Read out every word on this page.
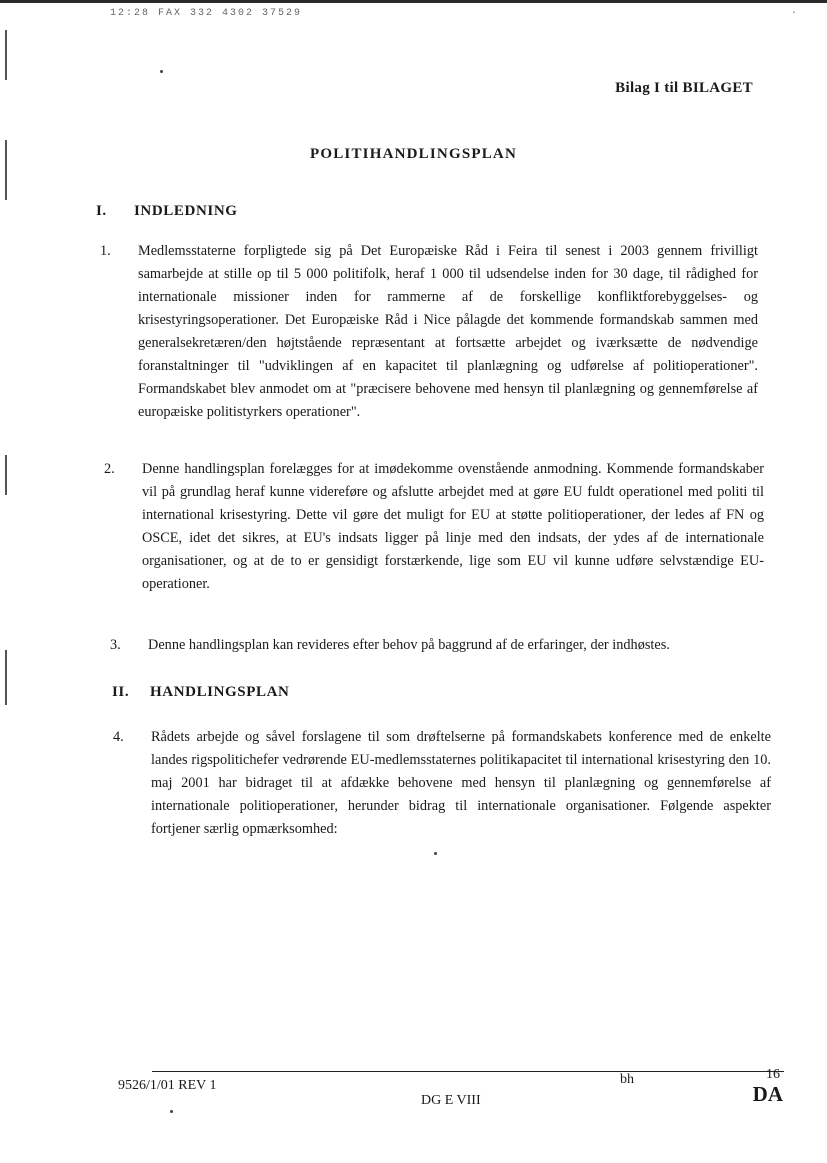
12:28 FAX 332 4302 37529	·
Bilag I til BILAGET
POLITIHANDLINGSPLAN
I. INDLEDNING
1. Medlemsstaterne forpligtede sig på Det Europæiske Råd i Feira til senest i 2003 gennem frivilligt samarbejde at stille op til 5 000 politifolk, heraf 1 000 til udsendelse inden for 30 dage, til rådighed for internationale missioner inden for rammerne af de forskellige konfliktforebyggelses- og krisestyringsoperationer. Det Europæiske Råd i Nice pålagde det kommende formandskab sammen med generalsekretæren/den højtstående repræsentant at fortsætte arbejdet og iværksætte de nødvendige foranstaltninger til "udviklingen af en kapacitet til planlægning og udførelse af politioperationer". Formandskabet blev anmodet om at "præcisere behovene med hensyn til planlægning og gennemførelse af europæiske politistyrkers operationer".
2. Denne handlingsplan forelægges for at imødekomme ovenstående anmodning. Kommende formandskaber vil på grundlag heraf kunne videreføre og afslutte arbejdet med at gøre EU fuldt operationel med politi til international krisestyring. Dette vil gøre det muligt for EU at støtte politioperationer, der ledes af FN og OSCE, idet det sikres, at EU's indsats ligger på linje med den indsats, der ydes af de internationale organisationer, og at de to er gensidigt forstærkende, lige som EU vil kunne udføre selvstændige EU-operationer.
3. Denne handlingsplan kan revideres efter behov på baggrund af de erfaringer, der indhøstes.
II. HANDLINGSPLAN
4. Rådets arbejde og såvel forslagene til som drøftelserne på formandskabets konference med de enkelte landes rigspolitichefer vedrørende EU-medlemsstaternes politikapacitet til international krisestyring den 10. maj 2001 har bidraget til at afdække behovene med hensyn til planlægning og gennemførelse af internationale politioperationer, herunder bidrag til internationale organisationer. Følgende aspekter fortjener særlig opmærksomhed:
9526/1/01 REV 1	bh	16
DG E VIII	DA
